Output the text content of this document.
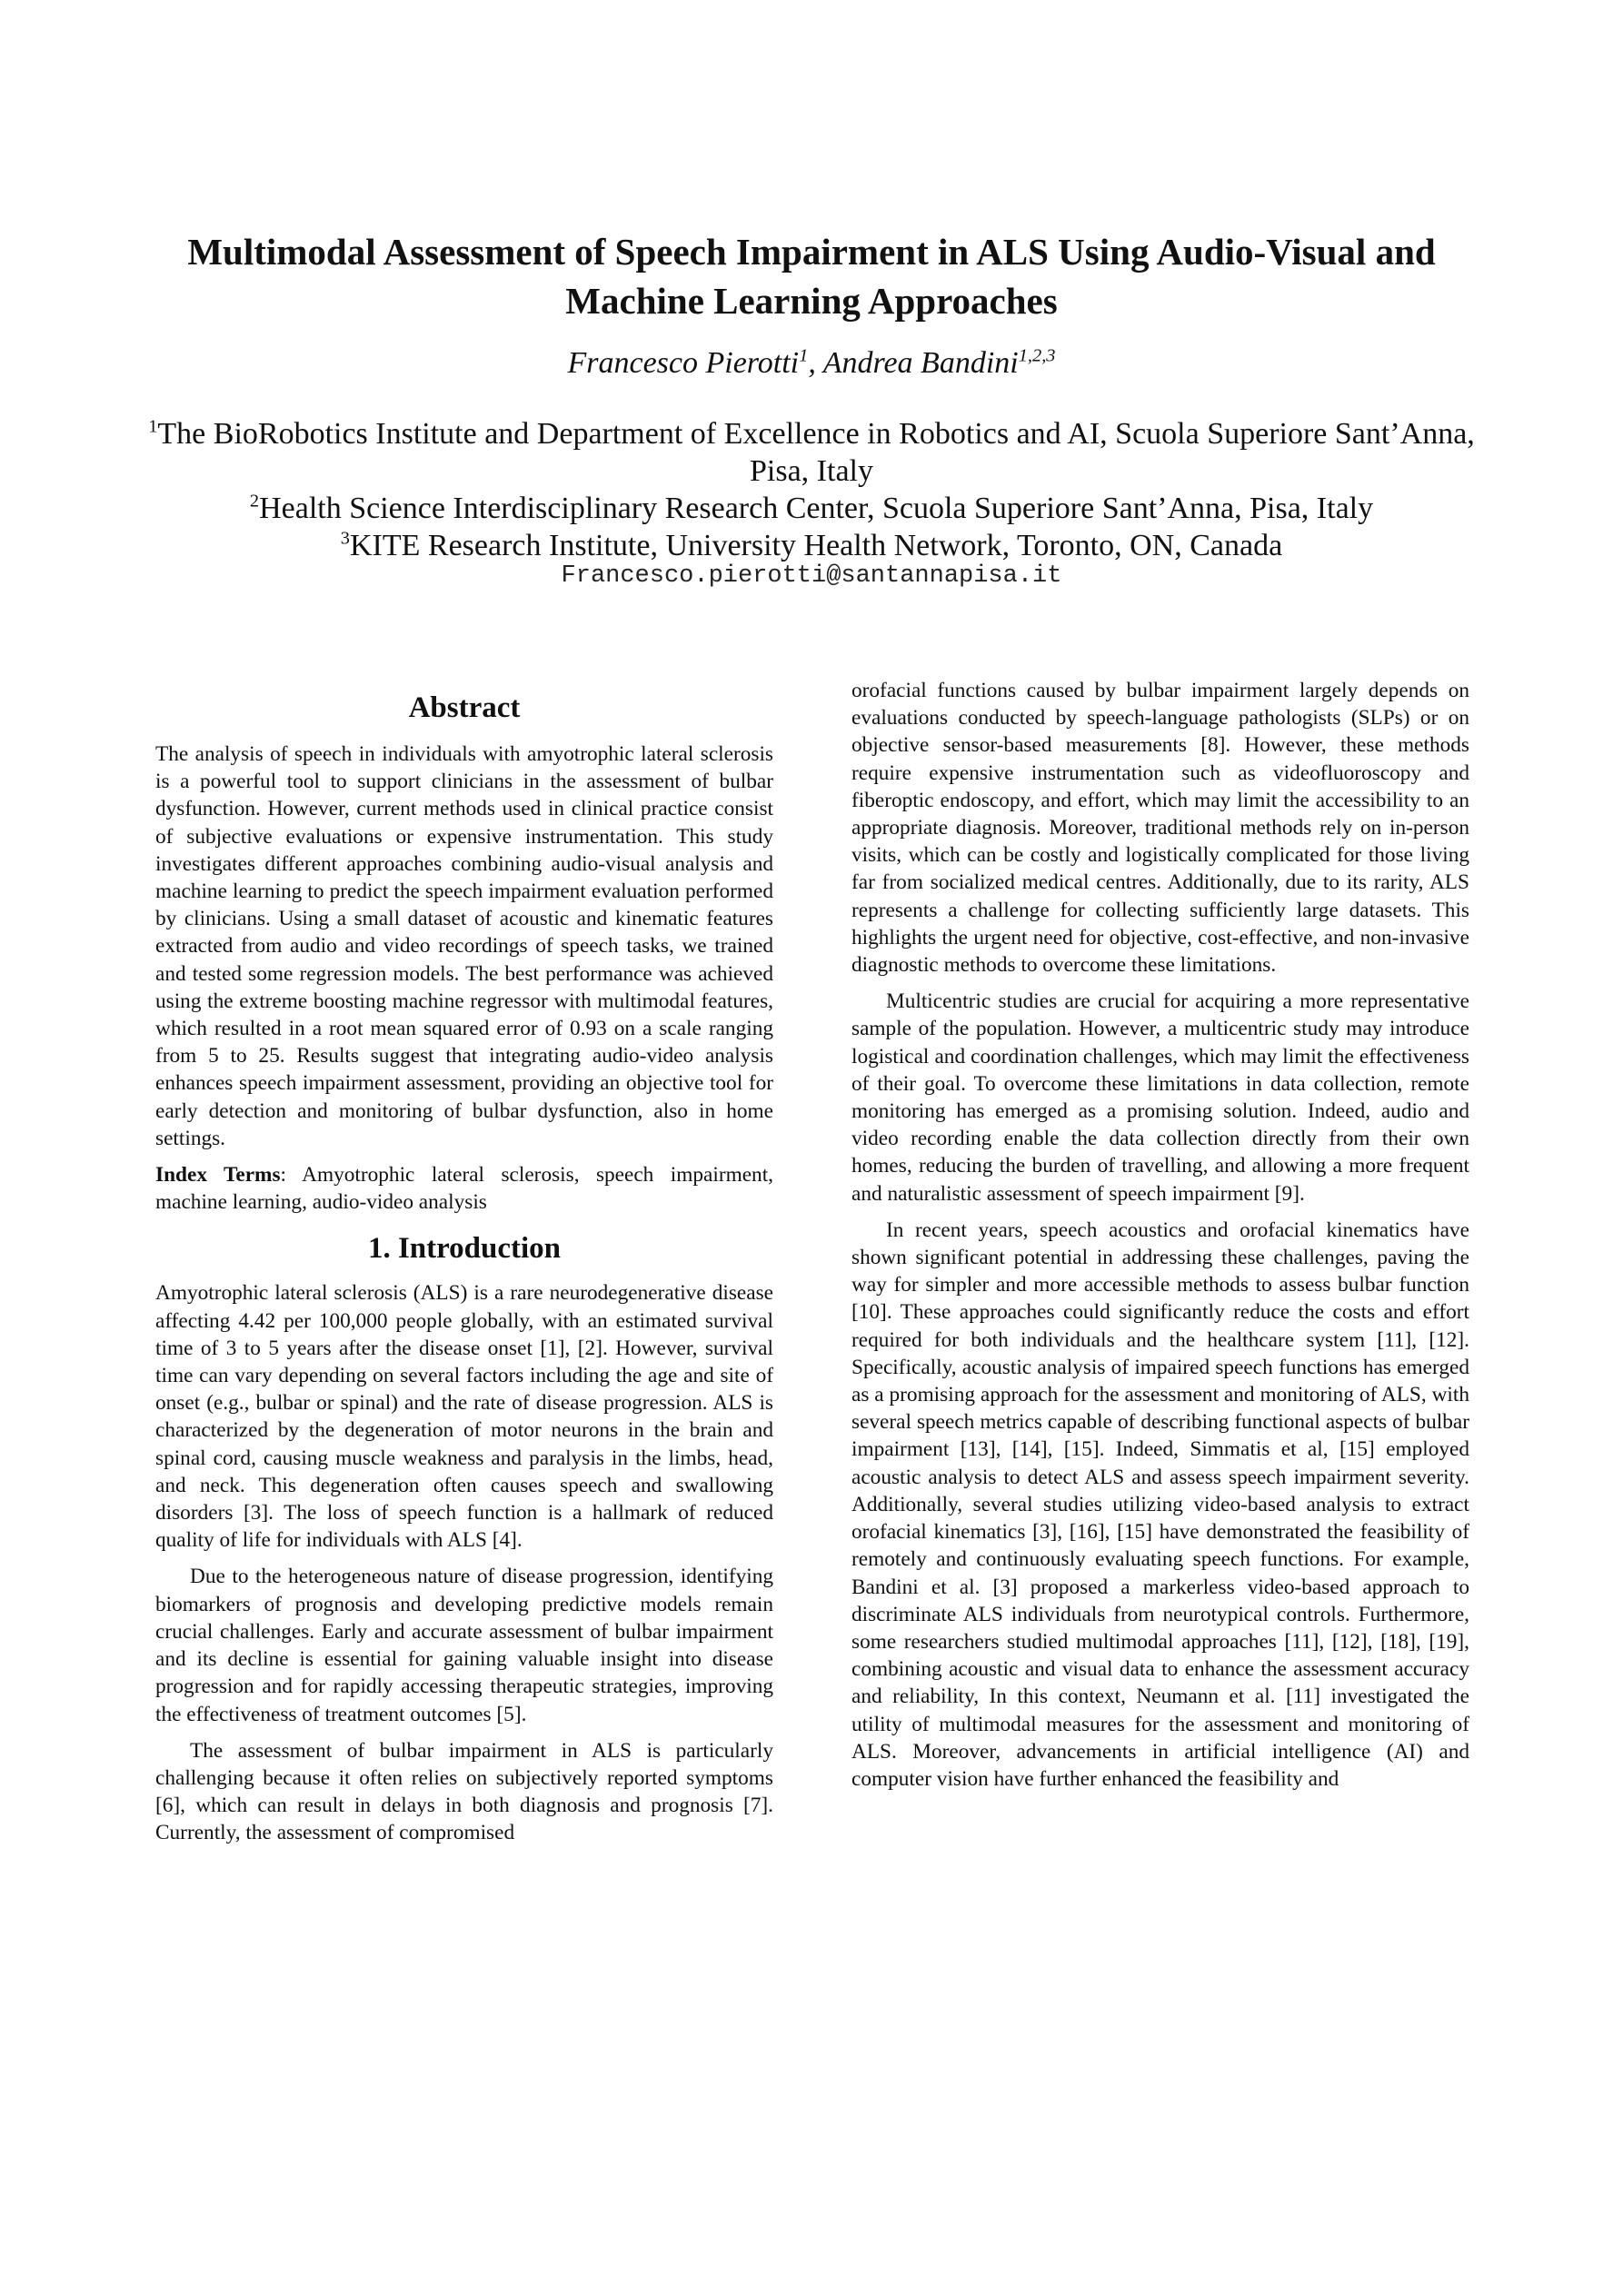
Multimodal Assessment of Speech Impairment in ALS Using Audio-Visual and Machine Learning Approaches
Francesco Pierotti$^1$, Andrea Bandini$^{1,2,3}$
$^1$The BioRobotics Institute and Department of Excellence in Robotics and AI, Scuola Superiore Sant’Anna, Pisa, Italy
$^2$Health Science Interdisciplinary Research Center, Scuola Superiore Sant’Anna, Pisa, Italy
$^3$KITE Research Institute, University Health Network, Toronto, ON, Canada
Francesco.pierotti@santannapisa.it
Abstract

The analysis of speech in individuals with amyotrophic lateral sclerosis is a powerful tool to support clinicians in the assessment of bulbar dysfunction. However, current methods used in clinical practice consist of subjective evaluations or expensive instrumentation. This study investigates different approaches combining audio-visual analysis and machine learning to predict the speech impairment evaluation performed by clinicians. Using a small dataset of acoustic and kinematic features extracted from audio and video recordings of speech tasks, we trained and tested some regression models. The best performance was achieved using the extreme boosting machine regressor with multimodal features, which resulted in a root mean squared error of 0.93 on a scale ranging from 5 to 25. Results suggest that integrating audio-video analysis enhances speech impairment assessment, providing an objective tool for early detection and monitoring of bulbar dysfunction, also in home settings.

Index Terms: Amyotrophic lateral sclerosis, speech impairment, machine learning, audio-video analysis

1. Introduction

Amyotrophic lateral sclerosis (ALS) is a rare neurodegenerative disease affecting 4.42 per 100,000 people globally, with an estimated survival time of 3 to 5 years after the disease onset [1], [2]. However, survival time can vary depending on several factors including the age and site of onset (e.g., bulbar or spinal) and the rate of disease progression. ALS is characterized by the degeneration of motor neurons in the brain and spinal cord, causing muscle weakness and paralysis in the limbs, head, and neck. This degeneration often causes speech and swallowing disorders [3]. The loss of speech function is a hallmark of reduced quality of life for individuals with ALS [4].

Due to the heterogeneous nature of disease progression, identifying biomarkers of prognosis and developing predictive models remain crucial challenges. Early and accurate assessment of bulbar impairment and its decline is essential for gaining valuable insight into disease progression and for rapidly accessing therapeutic strategies, improving the effectiveness of treatment outcomes [5].

The assessment of bulbar impairment in ALS is particularly challenging because it often relies on subjectively reported symptoms [6], which can result in delays in both diagnosis and prognosis [7]. Currently, the assessment of compromised

orofacial functions caused by bulbar impairment largely depends on evaluations conducted by speech-language pathologists (SLPs) or on objective sensor-based measurements [8]. However, these methods require expensive instrumentation such as videofluoroscopy and fiberoptic endoscopy, and effort, which may limit the accessibility to an appropriate diagnosis. Moreover, traditional methods rely on in-person visits, which can be costly and logistically complicated for those living far from socialized medical centres. Additionally, due to its rarity, ALS represents a challenge for collecting sufficiently large datasets. This highlights the urgent need for objective, cost-effective, and non-invasive diagnostic methods to overcome these limitations.

Multicentric studies are crucial for acquiring a more representative sample of the population. However, a multicentric study may introduce logistical and coordination challenges, which may limit the effectiveness of their goal. To overcome these limitations in data collection, remote monitoring has emerged as a promising solution. Indeed, audio and video recording enable the data collection directly from their own homes, reducing the burden of travelling, and allowing a more frequent and naturalistic assessment of speech impairment [9].

In recent years, speech acoustics and orofacial kinematics have shown significant potential in addressing these challenges, paving the way for simpler and more accessible methods to assess bulbar function [10]. These approaches could significantly reduce the costs and effort required for both individuals and the healthcare system [11], [12]. Specifically, acoustic analysis of impaired speech functions has emerged as a promising approach for the assessment and monitoring of ALS, with several speech metrics capable of describing functional aspects of bulbar impairment [13], [14], [15]. Indeed, Simmatis et al, [15] employed acoustic analysis to detect ALS and assess speech impairment severity. Additionally, several studies utilizing video-based analysis to extract orofacial kinematics [3], [16], [15] have demonstrated the feasibility of remotely and continuously evaluating speech functions. For example, Bandini et al. [3] proposed a markerless video-based approach to discriminate ALS individuals from neurotypical controls. Furthermore, some researchers studied multimodal approaches [11], [12], [18], [19], combining acoustic and visual data to enhance the assessment accuracy and reliability, In this context, Neumann et al. [11] investigated the utility of multimodal measures for the assessment and monitoring of ALS. Moreover, advancements in artificial intelligence (AI) and computer vision have further enhanced the feasibility and
